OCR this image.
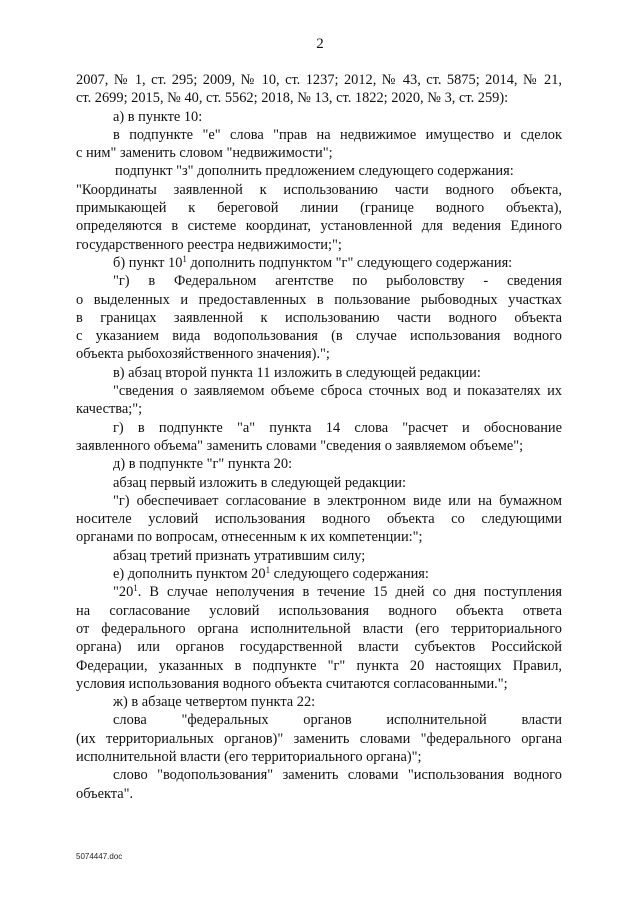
2
2007, № 1, ст. 295; 2009, № 10, ст. 1237; 2012, № 43, ст. 5875; 2014, № 21,
ст. 2699; 2015, № 40, ст. 5562; 2018, № 13, ст. 1822; 2020, № 3, ст. 259):
а) в пункте 10:
в подпункте "е" слова "прав на недвижимое имущество и сделок
с ним" заменить словом "недвижимости";
подпункт "з" дополнить предложением следующего содержания:
"Координаты заявленной к использованию части водного объекта,
примыкающей к береговой линии (границе водного объекта),
определяются в системе координат, установленной для ведения Единого
государственного реестра недвижимости;";
б) пункт $10^1$ дополнить подпунктом "г" следующего содержания:
"г) в Федеральном агентстве по рыболовству - сведения
о выделенных и предоставленных в пользование рыбоводных участках
в границах заявленной к использованию части водного объекта
с указанием вида водопользования (в случае использования водного
объекта рыбохозяйственного значения).";
в) абзац второй пункта 11 изложить в следующей редакции:
"сведения о заявляемом объеме сброса сточных вод и показателях их
качества;";
г) в подпункте "а" пункта 14 слова "расчет и обоснование
заявленного объема" заменить словами "сведения о заявляемом объеме";
д) в подпункте "г" пункта 20:
абзац первый изложить в следующей редакции:
"г) обеспечивает согласование в электронном виде или на бумажном
носителе условий использования водного объекта со следующими
органами по вопросам, отнесенным к их компетенции:";
абзац третий признать утратившим силу;
е) дополнить пунктом $20^1$ следующего содержания:
"$20^1$. В случае неполучения в течение 15 дней со дня поступления
на согласование условий использования водного объекта ответа
от федерального органа исполнительной власти (его территориального
органа) или органов государственной власти субъектов Российской
Федерации, указанных в подпункте "г" пункта 20 настоящих Правил,
условия использования водного объекта считаются согласованными.";
ж) в абзаце четвертом пункта 22:
слова "федеральных органов исполнительной власти
(их территориальных органов)" заменить словами "федерального органа
исполнительной власти (его территориального органа)";
слово "водопользования" заменить словами "использования водного
объекта".
5074447.doc
